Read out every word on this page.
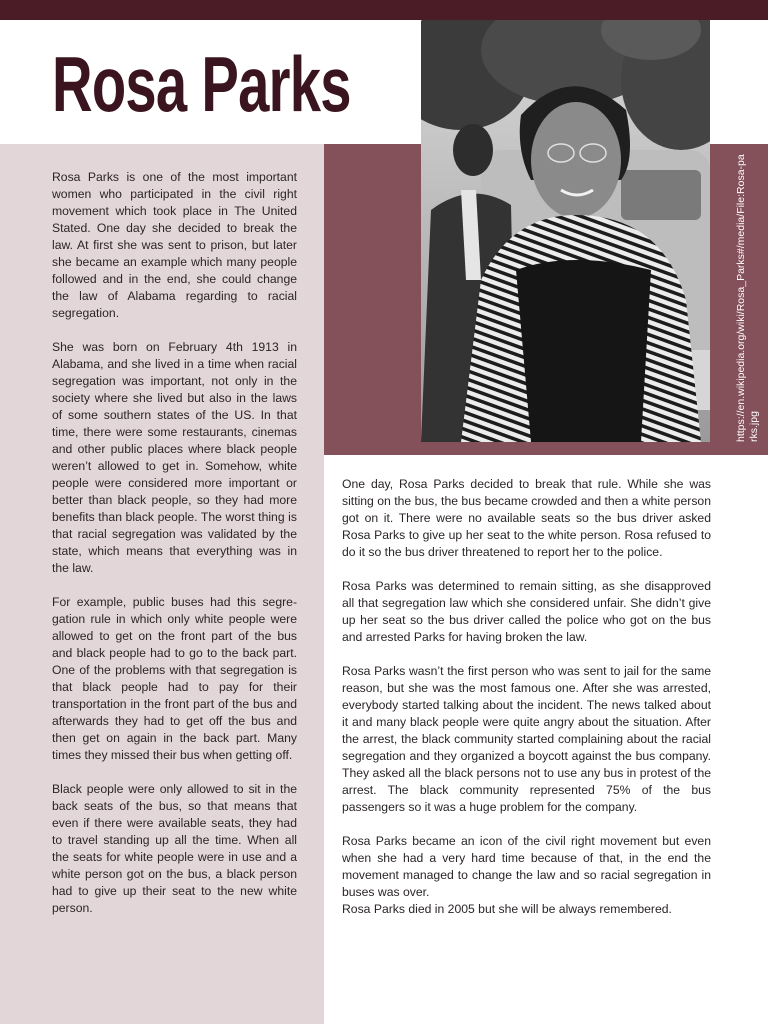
Rosa Parks
https://en.wikipedia.org/wiki/Rosa_Parks#/media/File:Rosa-parks.jpg

Rosa Parks is one of the most important women who participated in the civil right movement which took place in The United Stated. One day she decided to break the law. At first she was sent to prison, but later she became an example which many people followed and in the end, she could change the law of Alabama regarding to racial segregation.

She was born on February 4th 1913 in Alabama, and she lived in a time when racial segregation was important, not only in the society where she lived but also in the laws of some southern states of the US. In that time, there were some restaurants, cinemas and other public places where black people weren’t allowed to get in. Somehow, white people were considered more important or better than black people, so they had more benefits than black people. The worst thing is that racial segregation was validated by the state, which means that everything was in the law.

For example, public buses had this segregation rule in which only white people were allowed to get on the front part of the bus and black people had to go to the back part. One of the problems with that segregation is that black people had to pay for their transportation in the front part of the bus and afterwards they had to get off the bus and then get on again in the back part. Many times they missed their bus when getting off.

Black people were only allowed to sit in the back seats of the bus, so that means that even if there were available seats, they had to travel standing up all the time. When all the seats for white people were in use and a white person got on the bus, a black person had to give up their seat to the new white person.

One day, Rosa Parks decided to break that rule. While she was sitting on the bus, the bus became crowded and then a white person got on it. There were no available seats so the bus driver asked Rosa Parks to give up her seat to the white person. Rosa refused to do it so the bus driver threatened to report her to the police.

Rosa Parks was determined to remain sitting, as she disapproved all that segregation law which she considered unfair. She didn’t give up her seat so the bus driver called the police who got on the bus and arrested Parks for having broken the law.

Rosa Parks wasn’t the first person who was sent to jail for the same reason, but she was the most famous one. After she was arrested, everybody started talking about the incident. The news talked about it and many black people were quite angry about the situation. After the arrest, the black community started complaining about the racial segregation and they organized a boycott against the bus company. They asked all the black persons not to use any bus in protest of the arrest. The black community represented 75% of the bus passengers so it was a huge problem for the company.

Rosa Parks became an icon of the civil right movement but even when she had a very hard time because of that, in the end the movement managed to change the law and so racial segregation in buses was over.

Rosa Parks died in 2005 but she will be always remembered.
